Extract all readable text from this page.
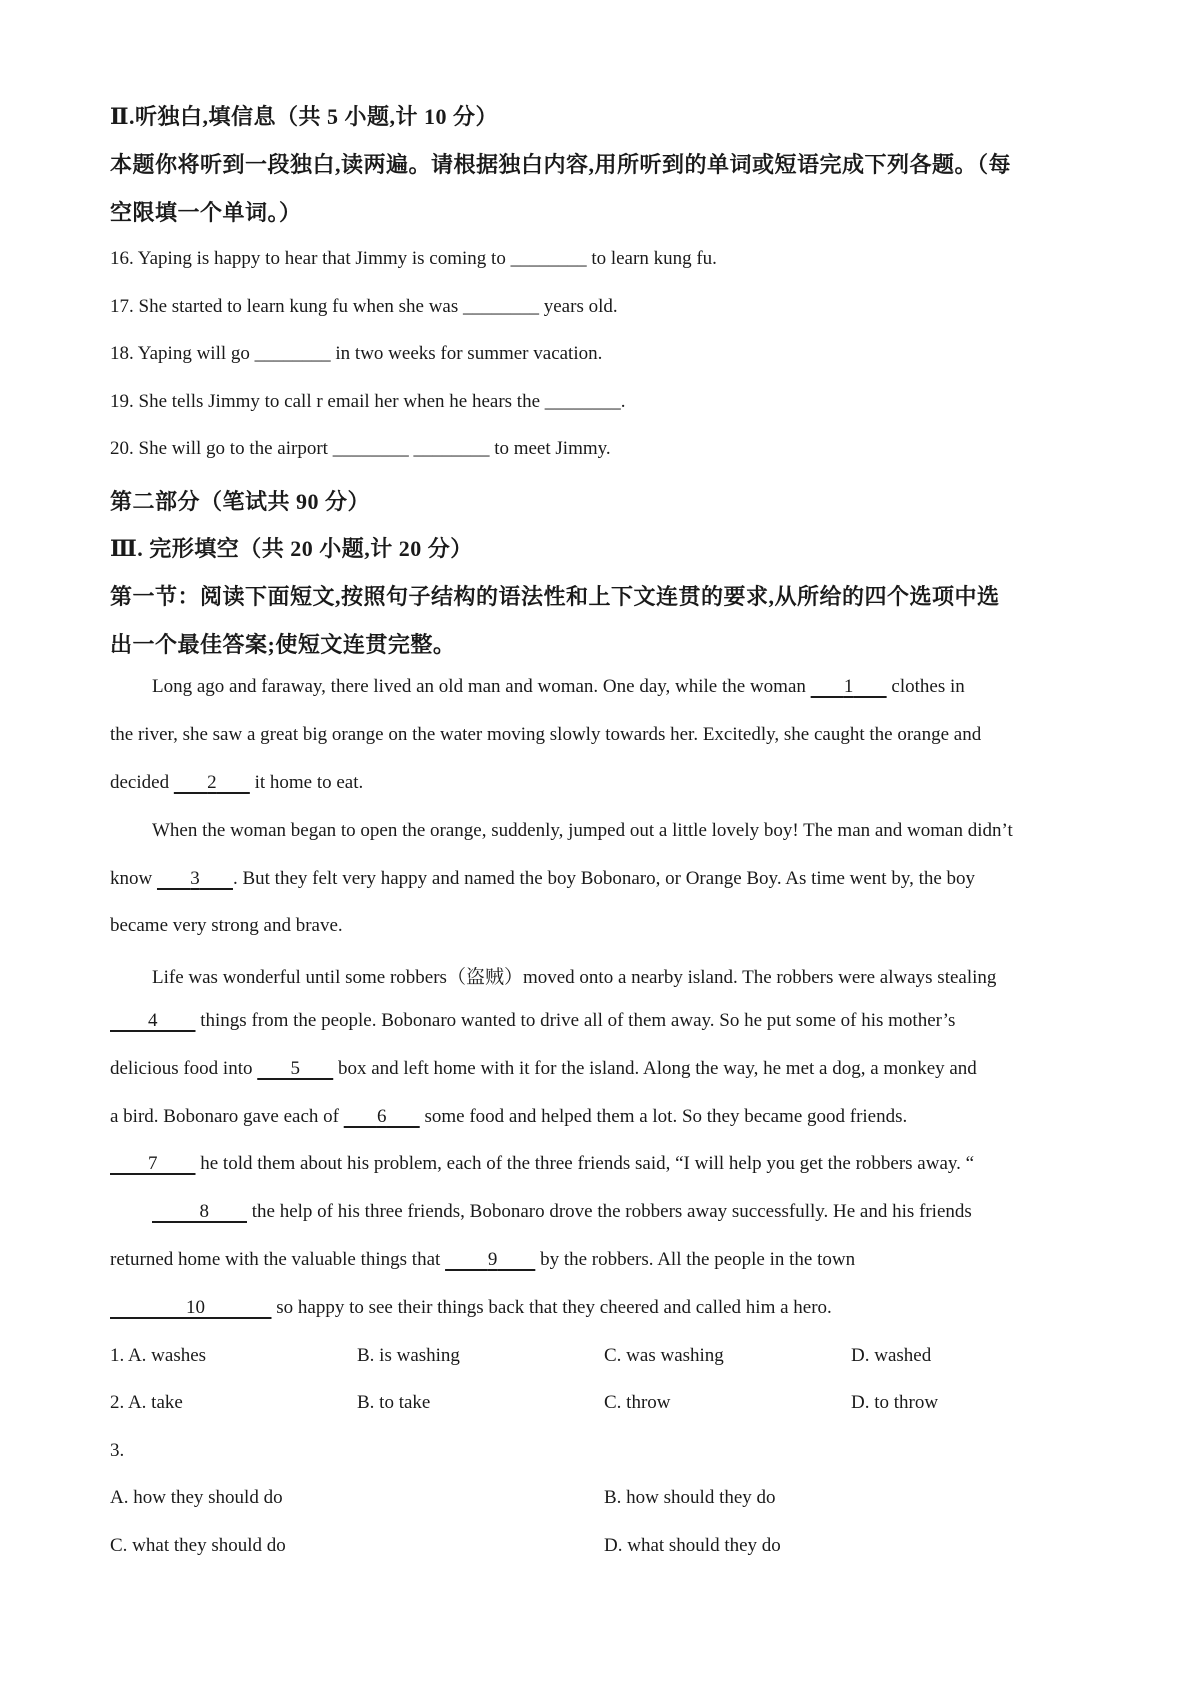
Ⅱ.听独白,填信息（共 5 小题,计 10 分）
本题你将听到一段独白,读两遍。请根据独白内容,用所听到的单词或短语完成下列各题。（每
空限填一个单词。）
16. Yaping is happy to hear that Jimmy is coming to ________ to learn kung fu.
17. She started to learn kung fu when she was ________ years old.
18. Yaping will go ________ in two weeks for summer vacation.
19. She tells Jimmy to call r email her when he hears the ________.
20. She will go to the airport ________ ________ to meet Jimmy.
第二部分（笔试共 90 分）
Ⅲ. 完形填空（共 20 小题,计 20 分）
第一节：阅读下面短文,按照句子结构的语法性和上下文连贯的要求,从所给的四个选项中选
出一个最佳答案;使短文连贯完整。
Long ago and faraway, there lived an old man and woman. One day, while the woman        1        clothes in
the river, she saw a great big orange on the water moving slowly towards her. Excitedly, she caught the orange and
decided        2        it home to eat.
When the woman began to open the orange, suddenly, jumped out a little lovely boy! The man and woman didn’t
know        3 . But they felt very happy and named the boy Bobonaro, or Orange Boy. As time went by, the boy
became very strong and brave.
Life was wonderful until some robbers（盗贼）moved onto a nearby island. The robbers were always stealing
4         things from the people. Bobonaro wanted to drive all of them away. So he put some of his mother’s
delicious food into        5        box and left home with it for the island. Along the way, he met a dog, a monkey and
a bird. Bobonaro gave each of        6        some food and helped them a lot. So they became good friends.
7         he told them about his problem, each of the three friends said, “I will help you get the robbers away. “
8         the help of his three friends, Bobonaro drove the robbers away successfully. He and his friends
returned home with the valuable things that          9         by the robbers. All the people in the town
10	so happy to see their things back that they cheered and called him a hero.
1. A. washes	B. is washing	C. was washing	D. washed
2. A. take	B. to take	C. throw	D. to throw
3.
A. how they should do	B. how should they do
C. what they should do	D. what should they do
